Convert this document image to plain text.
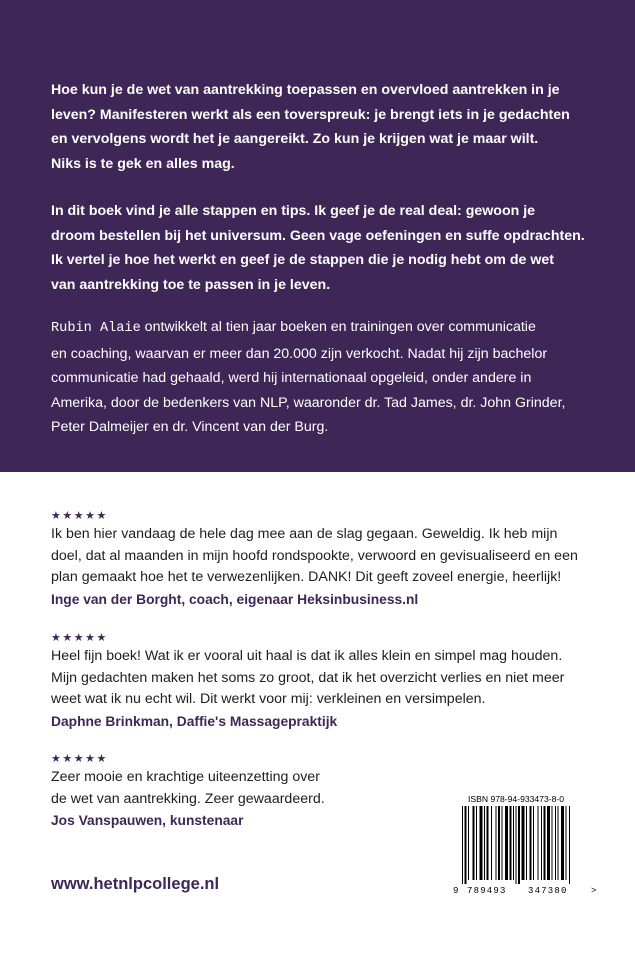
Hoe kun je de wet van aantrekking toepassen en overvloed aantrekken in je
leven? Manifesteren werkt als een toverspreuk: je brengt iets in je gedachten
en vervolgens wordt het je aangereikt. Zo kun je krijgen wat je maar wilt.
Niks is te gek en alles mag.

In dit boek vind je alle stappen en tips. Ik geef je de real deal: gewoon je
droom bestellen bij het universum. Geen vage oefeningen en suffe opdrachten.
Ik vertel je hoe het werkt en geef je de stappen die je nodig hebt om de wet
van aantrekking toe te passen in je leven.

Rubin Alaie ontwikkelt al tien jaar boeken en trainingen over communicatie
en coaching, waarvan er meer dan 20.000 zijn verkocht. Nadat hij zijn bachelor
communicatie had gehaald, werd hij internationaal opgeleid, onder andere in
Amerika, door de bedenkers van NLP, waaronder dr. Tad James, dr. John Grinder,
Peter Dalmeijer en dr. Vincent van der Burg.

★★★★★

Ik ben hier vandaag de hele dag mee aan de slag gegaan. Geweldig. Ik heb mijn
doel, dat al maanden in mijn hoofd rondspookte, verwoord en gevisualiseerd en een
plan gemaakt hoe het te verwezenlijken. DANK! Dit geeft zoveel energie, heerlijk!

Inge van der Borght, coach, eigenaar Heksinbusiness.nl

★★★★★

Heel fijn boek! Wat ik er vooral uit haal is dat ik alles klein en simpel mag houden.
Mijn gedachten maken het soms zo groot, dat ik het overzicht verlies en niet meer
weet wat ik nu echt wil. Dit werkt voor mij: verkleinen en versimpelen.

Daphne Brinkman, Daffie's Massagepraktijk

★★★★★

Zeer mooie en krachtige uiteenzetting over
de wet van aantrekking. Zeer gewaardeerd.

Jos Vanspauwen, kunstenaar

www.hetnlpcollege.nl
ISBN 978-94-933473-8-0
9 789493 347380	>
